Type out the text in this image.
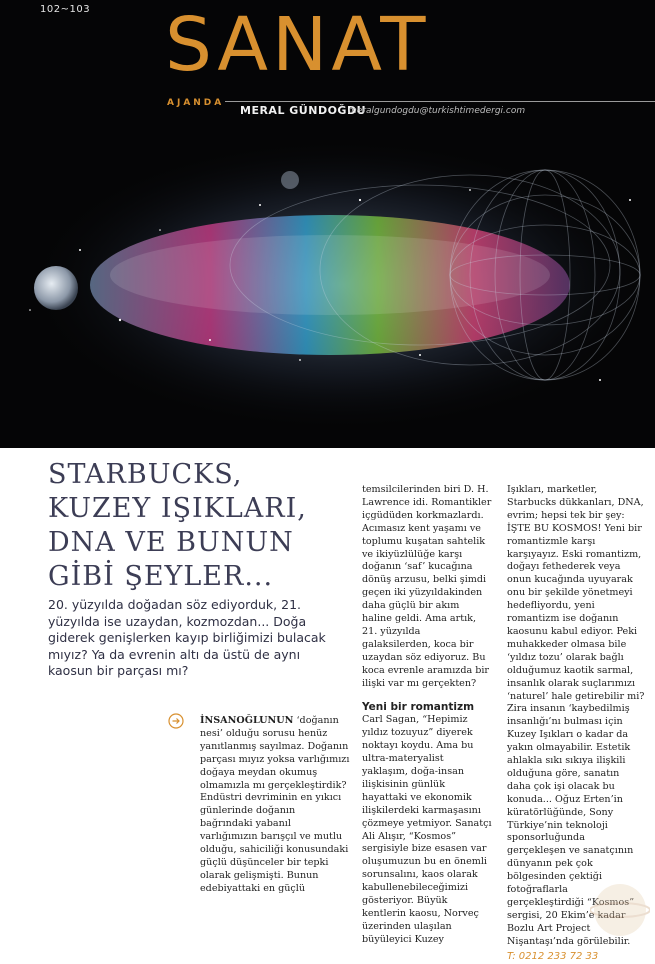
102~103 SANAT
AJANDA
MERAL GÜNDOĞDU
meralgundogdu@turkishtimedergi.com
STARBUCKS,
KUZEY IŞIKLARI,
DNA VE BUNUN
GİBİ ŞEYLER...
20. yüzyılda doğadan söz ediyorduk, 21. yüzyılda ise uzaydan, kozmozdan... Doğa giderek genişlerken kayıp birliğimizi bulacak mıyız? Ya da evrenin altı da üstü de aynı kaosun bir parçası mı?

İNSANOĞLUNUN ‘doğanın nesi’ olduğu sorusu henüz yanıtlanmış sayılmaz. Doğanın parçası mıyız yoksa varlığımızı doğaya meydan okumuş olmamızla mı gerçekleştirdik? Endüstri devriminin en yıkıcı günlerinde doğanın bağrındaki yabanıl varlığımızın barışçıl ve mutlu olduğu, sahiciliği konusundaki güçlü düşünceler bir tepki olarak gelişmişti. Bunun edebiyattaki en güçlü

temsilcilerinden biri D. H. Lawrence idi. Romantikler içgüdüden korkmazlardı. Acımasız kent yaşamı ve toplumu kuşatan sahtelik ve ikiyüzlülüğe karşı doğanın ‘saf’ kucağına dönüş arzusu, belki şimdi geçen iki yüzyıldakinden daha güçlü bir akım haline geldi. Ama artık, 21. yüzyılda galaksilerden, koca bir uzaydan söz ediyoruz. Bu koca evrenle aramızda bir ilişki var mı gerçekten?

Yeni bir romantizm

Carl Sagan, “Hepimiz yıldız tozuyuz” diyerek noktayı koydu. Ama bu ultra-materyalist yaklaşım, doğa-insan ilişkisinin günlük hayattaki ve ekonomik ilişkilerdeki karmaşasını çözmeye yetmiyor. Sanatçı Ali Alışır, “Kosmos” sergisiyle bize esasen var oluşumuzun bu en önemli sorunsalını, kaos olarak kabullenebileceğimizi gösteriyor. Büyük kentlerin kaosu, Norveç üzerinden ulaşılan büyüleyici Kuzey

Işıkları, marketler, Starbucks dükkanları, DNA, evrim; hepsi tek bir şey: İŞTE BU KOSMOS! Yeni bir romantizmle karşı karşıyayız. Eski romantizm, doğayı fethederek veya onun kucağında uyuyarak onu bir şekilde yönetmeyi hedefliyordu, yeni romantizm ise doğanın kaosunu kabul ediyor. Peki muhakkeder olmasa bile ‘yıldız tozu’ olarak bağlı olduğumuz kaotik sarmal, insanlık olarak suçlarımızı ‘naturel’ hale getirebilir mi? Zira insanın ‘kaybedilmiş insanlığı’nı bulması için Kuzey Işıkları o kadar da yakın olmayabilir. Estetik ahlakla sıkı sıkıya ilişkili olduğuna göre, sanatın daha çok işi olacak bu konuda... Oğuz Erten’in küratörlüğünde, Sony Türkiye’nin teknoloji sponsorluğunda gerçekleşen ve sanatçının dünyanın pek çok bölgesinden çektiği fotoğraflarla gerçekleştirdiği “Kosmos” sergisi, 20 Ekim’e kadar Bozlu Art Project Nişantaşı’nda görülebilir.

T: 0212 233 72 33
